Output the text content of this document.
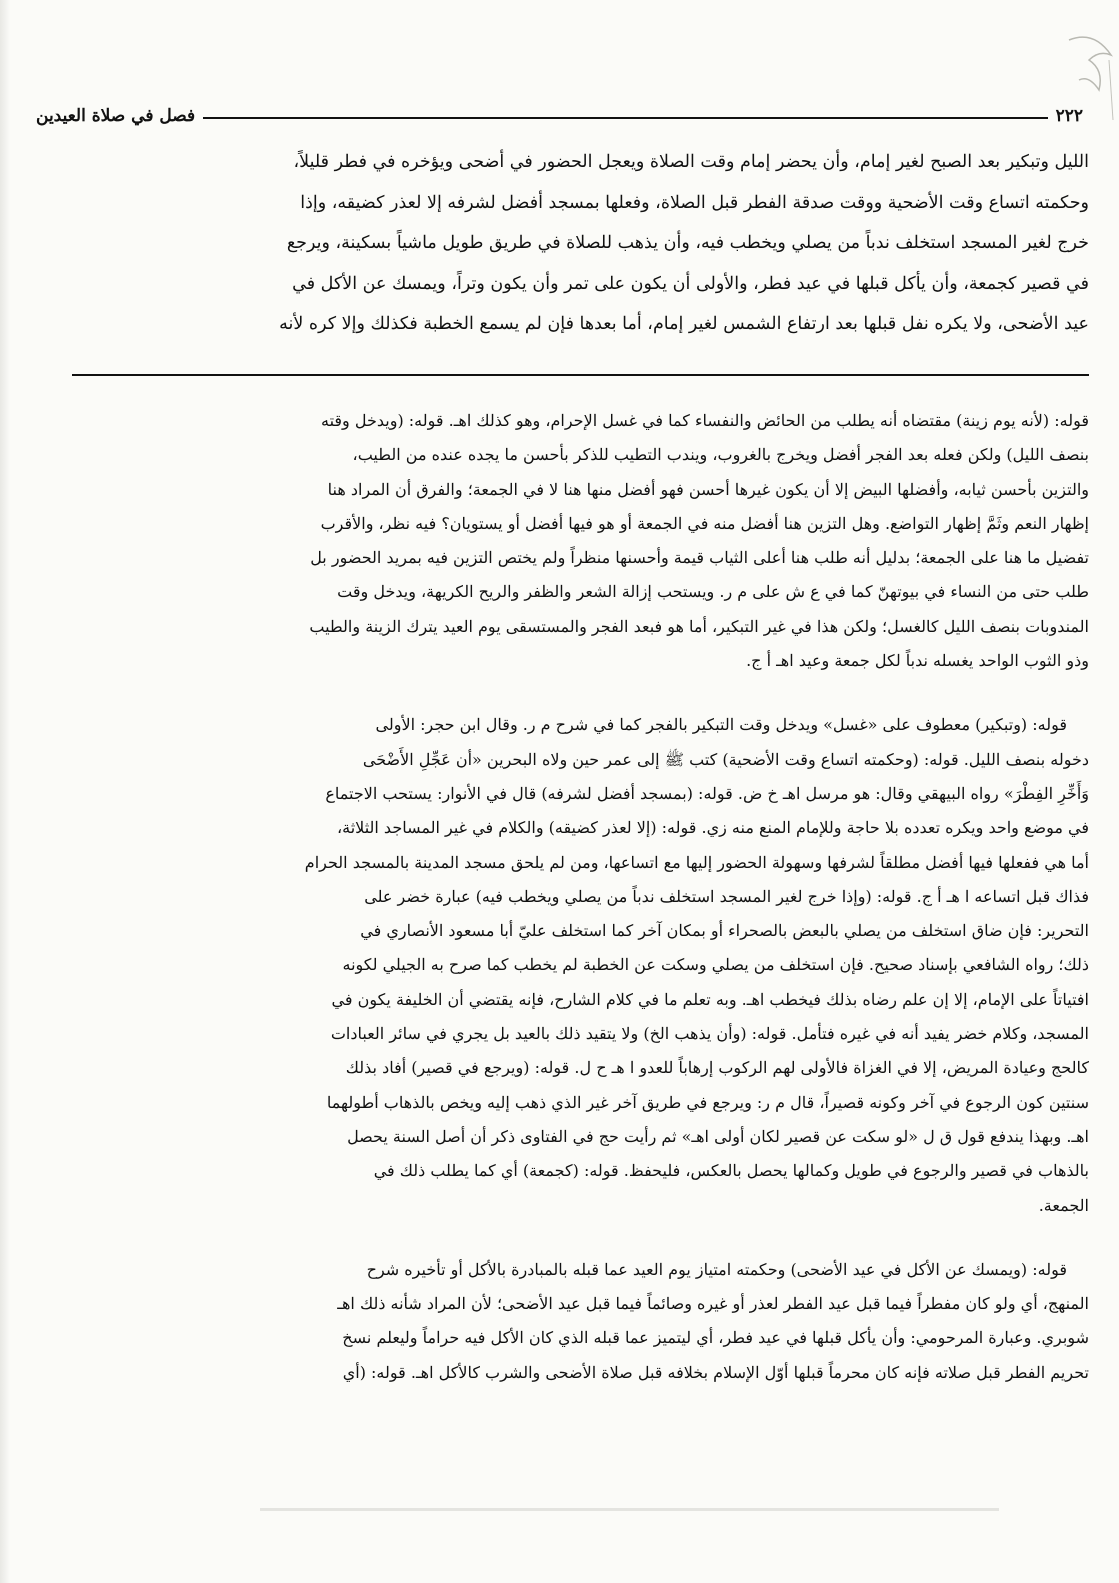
٢٢٢
فصل في صلاة العيدين
الليل وتبكير بعد الصبح لغير إمام، وأن يحضر إمام وقت الصلاة ويعجل الحضور في أضحى ويؤخره في فطر قليلاً،
وحكمته اتساع وقت الأضحية ووقت صدقة الفطر قبل الصلاة، وفعلها بمسجد أفضل لشرفه إلا لعذر كضيقه، وإذا
خرج لغير المسجد استخلف ندباً من يصلي ويخطب فيه، وأن يذهب للصلاة في طريق طويل ماشياً بسكينة، ويرجع
في قصير كجمعة، وأن يأكل قبلها في عيد فطر، والأولى أن يكون على تمر وأن يكون وتراً، ويمسك عن الأكل في
عيد الأضحى، ولا يكره نفل قبلها بعد ارتفاع الشمس لغير إمام، أما بعدها فإن لم يسمع الخطبة فكذلك وإلا كره لأنه
قوله: (لأنه يوم زينة) مقتضاه أنه يطلب من الحائض والنفساء كما في غسل الإحرام، وهو كذلك اهـ. قوله: (ويدخل وقته
بنصف الليل) ولكن فعله بعد الفجر أفضل ويخرج بالغروب، ويندب التطيب للذكر بأحسن ما يجده عنده من الطيب،
والتزين بأحسن ثيابه، وأفضلها البيض إلا أن يكون غيرها أحسن فهو أفضل منها هنا لا في الجمعة؛ والفرق أن المراد هنا
إظهار النعم وثَمَّ إظهار التواضع. وهل التزين هنا أفضل منه في الجمعة أو هو فيها أفضل أو يستويان؟ فيه نظر، والأقرب
تفضيل ما هنا على الجمعة؛ بدليل أنه طلب هنا أعلى الثياب قيمة وأحسنها منظراً ولم يختص التزين فيه بمريد الحضور بل
طلب حتى من النساء في بيوتهنّ كما في ع ش على م ر. ويستحب إزالة الشعر والظفر والريح الكريهة، ويدخل وقت
المندوبات بنصف الليل كالغسل؛ ولكن هذا في غير التبكير، أما هو فبعد الفجر والمستسقى يوم العيد يترك الزينة والطيب
وذو الثوب الواحد يغسله ندباً لكل جمعة وعيد اهـ أ ج.
قوله: (وتبكير) معطوف على «غسل» ويدخل وقت التبكير بالفجر كما في شرح م ر. وقال ابن حجر: الأولى
دخوله بنصف الليل. قوله: (وحكمته اتساع وقت الأضحية) كتب ﷺ إلى عمر حين ولاه البحرين «أن عَجِّلِ الأَضْحَى
وَأَخِّرِ الفِطْرَ» رواه البيهقي وقال: هو مرسل اهـ خ ض. قوله: (بمسجد أفضل لشرفه) قال في الأنوار: يستحب الاجتماع
في موضع واحد ويكره تعدده بلا حاجة وللإمام المنع منه زي. قوله: (إلا لعذر كضيقه) والكلام في غير المساجد الثلاثة،
أما هي ففعلها فيها أفضل مطلقاً لشرفها وسهولة الحضور إليها مع اتساعها، ومن لم يلحق مسجد المدينة بالمسجد الحرام
فذاك قبل اتساعه ا هـ أ ج. قوله: (وإذا خرج لغير المسجد استخلف ندباً من يصلي ويخطب فيه) عبارة خضر على
التحرير: فإن ضاق استخلف من يصلي بالبعض بالصحراء أو بمكان آخر كما استخلف عليّ أبا مسعود الأنصاري في
ذلك؛ رواه الشافعي بإسناد صحيح. فإن استخلف من يصلي وسكت عن الخطبة لم يخطب كما صرح به الجيلي لكونه
افتياتاً على الإمام، إلا إن علم رضاه بذلك فيخطب اهـ. وبه تعلم ما في كلام الشارح، فإنه يقتضي أن الخليفة يكون في
المسجد، وكلام خضر يفيد أنه في غيره فتأمل. قوله: (وأن يذهب الخ) ولا يتقيد ذلك بالعيد بل يجري في سائر العبادات
كالحج وعيادة المريض، إلا في الغزاة فالأولى لهم الركوب إرهاباً للعدو ا هـ ح ل. قوله: (ويرجع في قصير) أفاد بذلك
سنتين كون الرجوع في آخر وكونه قصيراً، قال م ر: ويرجع في طريق آخر غير الذي ذهب إليه ويخص بالذهاب أطولهما
اهـ. وبهذا يندفع قول ق ل «لو سكت عن قصير لكان أولى اهـ» ثم رأيت حج في الفتاوى ذكر أن أصل السنة يحصل
بالذهاب في قصير والرجوع في طويل وكمالها يحصل بالعكس، فليحفظ. قوله: (كجمعة) أي كما يطلب ذلك في
الجمعة.
قوله: (ويمسك عن الأكل في عيد الأضحى) وحكمته امتياز يوم العيد عما قبله بالمبادرة بالأكل أو تأخيره شرح
المنهج، أي ولو كان مفطراً فيما قبل عيد الفطر لعذر أو غيره وصائماً فيما قبل عيد الأضحى؛ لأن المراد شأنه ذلك اهـ
شوبري. وعبارة المرحومي: وأن يأكل قبلها في عيد فطر، أي ليتميز عما قبله الذي كان الأكل فيه حراماً وليعلم نسخ
تحريم الفطر قبل صلاته فإنه كان محرماً قبلها أوّل الإسلام بخلافه قبل صلاة الأضحى والشرب كالأكل اهـ. قوله: (أي
